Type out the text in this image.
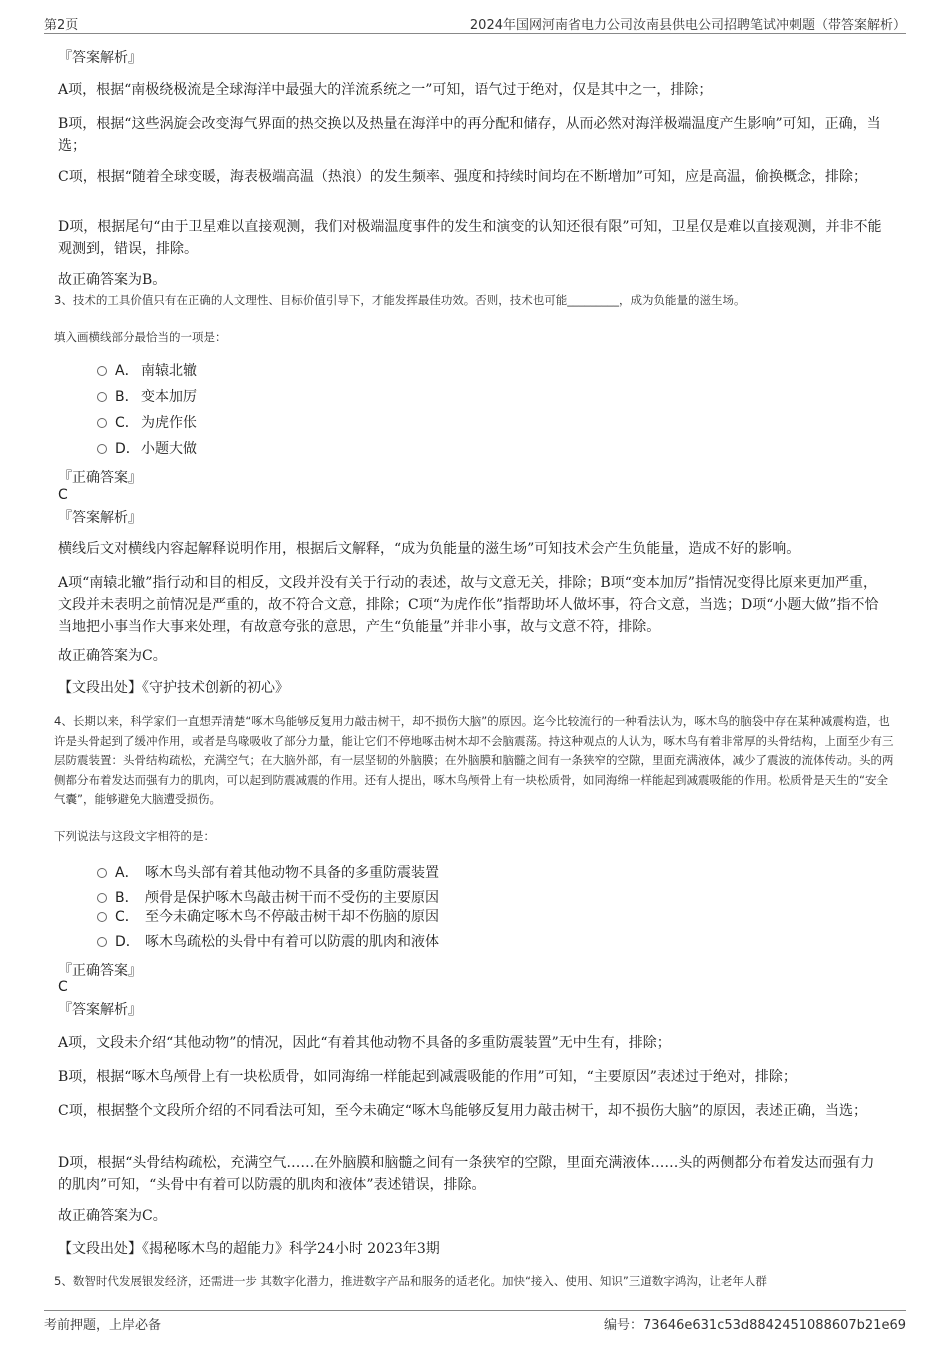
第2页	2024年国网河南省电力公司汝南县供电公司招聘笔试冲刺题（带答案解析）
『答案解析』
A项，根据“南极绕极流是全球海洋中最强大的洋流系统之一”可知，语气过于绝对，仅是其中之一，排除；
B项，根据“这些涡旋会改变海气界面的热交换以及热量在海洋中的再分配和储存，从而必然对海洋极端温度产生影响”可知，正确，当选；
C项，根据“随着全球变暖，海表极端高温（热浪）的发生频率、强度和持续时间均在不断增加”可知，应是高温，偷换概念，排除；
D项，根据尾句“由于卫星难以直接观测，我们对极端温度事件的发生和演变的认知还很有限”可知，卫星仅是难以直接观测，并非不能观测到，错误，排除。
故正确答案为B。
3、技术的工具价值只有在正确的人文理性、目标价值引导下，才能发挥最佳功效。否则，技术也可能_________，成为负能量的滋生场。
填入画横线部分最恰当的一项是：
A． 南辕北辙
B． 变本加厉
C． 为虎作伥
D． 小题大做
『正确答案』
C
『答案解析』
横线后文对横线内容起解释说明作用，根据后文解释，“成为负能量的滋生场”可知技术会产生负能量，造成不好的影响。
A项“南辕北辙”指行动和目的相反，文段并没有关于行动的表述，故与文意无关，排除；B项“变本加厉”指情况变得比原来更加严重，文段并未表明之前情况是严重的，故不符合文意，排除；C项“为虎作伥”指帮助坏人做坏事，符合文意，当选；D项“小题大做”指不恰当地把小事当作大事来处理，有故意夸张的意思，产生“负能量”并非小事，故与文意不符，排除。
故正确答案为C。
【文段出处】《守护技术创新的初心》
4、长期以来，科学家们一直想弄清楚“啄木鸟能够反复用力敲击树干，却不损伤大脑”的原因。迄今比较流行的一种看法认为，啄木鸟的脑袋中存在某种减震构造，也许是头骨起到了缓冲作用，或者是鸟喙吸收了部分力量，能让它们不停地啄击树木却不会脑震荡。持这种观点的人认为，啄木鸟有着非常厚的头骨结构，上面至少有三层防震装置：头骨结构疏松，充满空气；在大脑外部，有一层坚韧的外脑膜；在外脑膜和脑髓之间有一条狭窄的空隙，里面充满液体，减少了震波的流体传动。头的两侧都分布着发达而强有力的肌肉，可以起到防震减震的作用。还有人提出，啄木鸟颅骨上有一块松质骨，如同海绵一样能起到减震吸能的作用。松质骨是天生的“安全气囊”，能够避免大脑遭受损伤。
下列说法与这段文字相符的是：
A． 啄木鸟头部有着其他动物不具备的多重防震装置
B． 颅骨是保护啄木鸟敲击树干而不受伤的主要原因
C． 至今未确定啄木鸟不停敲击树干却不伤脑的原因
D． 啄木鸟疏松的头骨中有着可以防震的肌肉和液体
『正确答案』
C
『答案解析』
A项，文段未介绍“其他动物”的情况，因此“有着其他动物不具备的多重防震装置”无中生有，排除；
B项，根据“啄木鸟颅骨上有一块松质骨，如同海绵一样能起到减震吸能的作用”可知，“主要原因”表述过于绝对，排除；
C项，根据整个文段所介绍的不同看法可知，至今未确定“啄木鸟能够反复用力敲击树干，却不损伤大脑”的原因，表述正确，当选；
D项，根据“头骨结构疏松，充满空气……在外脑膜和脑髓之间有一条狭窄的空隙，里面充满液体……头的两侧都分布着发达而强有力的肌肉”可知，“头骨中有着可以防震的肌肉和液体”表述错误，排除。
故正确答案为C。
【文段出处】《揭秘啄木鸟的超能力》科学24小时 2023年3期
5、数智时代发展银发经济，还需进一步 其数字化潜力，推进数字产品和服务的适老化。加快“接入、使用、知识”三道数字鸿沟，让老年人群
考前押题，上岸必备	编号：73646e631c53d8842451088607b21e69
